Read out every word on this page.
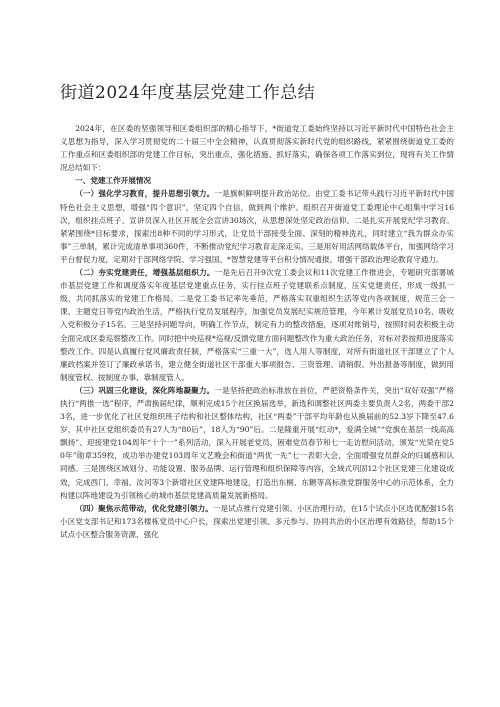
街道2024年度基层党建工作总结

2024年，在区委的坚强领导和区委组织部的精心指导下，*街道党工委始终坚持以习近平新时代中国特色社会主义思想为指导，深入学习贯彻党的二十届三中全会精神，认真贯彻落实新时代党的组织路线，紧紧围绕街道党工委的工作重点和区委组织部的党建工作目标，突出重点，强化措施、抓好落实，确保各项工作落实到位，现将有关工作情况总结如下：

一、党建工作开展情况

（一）强化学习教育，提升思想引领力。一是旗帜鲜明提升政治站位。由党工委书记带头践行习近平新时代中国特色社会主义思想，增强“四个意识”，坚定四个自信，做到两个维护。组织召开街道党工委理论中心组集中学习16次，组织挂点班子、宣讲员深入社区开展全会宣讲30场次，从思想深处坚定政治信仰。二是扎实开展党纪学习教育。紧紧围绕*目标要求，探索出8种不同的学习形式，让党员干部接受全面、深刻的精神洗礼，同时建立“我为群众办实事”三单制，累计完成清单事项360件，不断推动党纪学习教育走深走实。三是用好用活网络载体平台，加强网络学习平台督促力度，定期对于部网络学院、学习强国、*智慧党建等平台积分情况通报，增强干部政治理论教育守通力。

（二）夯实党建责任，增强基层组织力。一是先后召开9次党工委会议和11次党建工作推进会，专题研究部署城市基层党建工作和调度落实年度基层党建重点任务，实行挂点班子党建联系点制度，压实党建责任，形成一级抓一级，共同抓落实的党建工作格局。二是党工委书记率先垂范，严格落实双重组织生活等党内各项制度，规范三会一课、主题党日等党内政治生活，严格执行党员发展程序，加强党员发展纪实规范管理，今年累计发展党员10名、吸收入党积极分子15名。三是坚持问题导向，明确工作节点，制定有力的整改措施，逐项对账销号，按照时间表积极主动全面完成区委巡察整改工作。同时把中央巡视*巡视/反馈党建方面问题整改作为重大政治任务，对标对表按照进度落实整改工作。四是认真履行党风廉政责任制，严格落实“三重一大”，选人用人等制度，对所有街道社区干部建立了个人廉政档案并签订了廉政承诺书，建立健全街道社区干部重大事项报告、三资管理、请销假、外出报备等制度，做到用制度管权、按制度办事、靠制度管人。

（三）巩固三化建设，深化阵地凝聚力。一是坚持把政治标准放在首位，严把资格条件关，突出“双好双强”严格执行“两推一选”程序，严肃换届纪律，顺利完成15个社区换届选举，新选和调整社区两委主要负责人2名，两委干部23名，进一步优化了社区党组织班子结构和社区整体结构，社区“两委”干部平均年龄也从换届前的52.3岁下降至47.6岁，其中社区党组织委员有27人为“80后”，18人为“90”后。二是隆重开展“红动*，爱满全城”“党旗在基层一线高高飘扬”、迎接建党104周年“十个一”系列活动，深入开展老党员、困难党员春节和七一走访慰问活动，颁发“光荣在党50年”勋章359枚，成功举办建党103周年文艺晚会和街道“两优一先”七一表彰大会，全面增强党员群众的归属感和认同感。三是围绕区域划分、功能设置、服务品牌、运行管理和组织保障等内容，全域式巩固12个社区党建三化建设成效，完成西门、幸福、汝河等3个新增社区党建阵地建设，打造出东桐、东糖等高标准党群服务中心的示范体系，全力构建以阵地建设为引领核心的城市基层党建高质量发展新格局。

（四）聚焦示范带动，优化党建引领力。一是试点推行党建引领、小区治理行动，在15个试点小区选优配强15名小区党支部书记和173名楼栋党员中心户长，探索出党建引领、多元参与、协同共治的小区治理有效路径，帮助15个试点小区整合服务资源、强化
